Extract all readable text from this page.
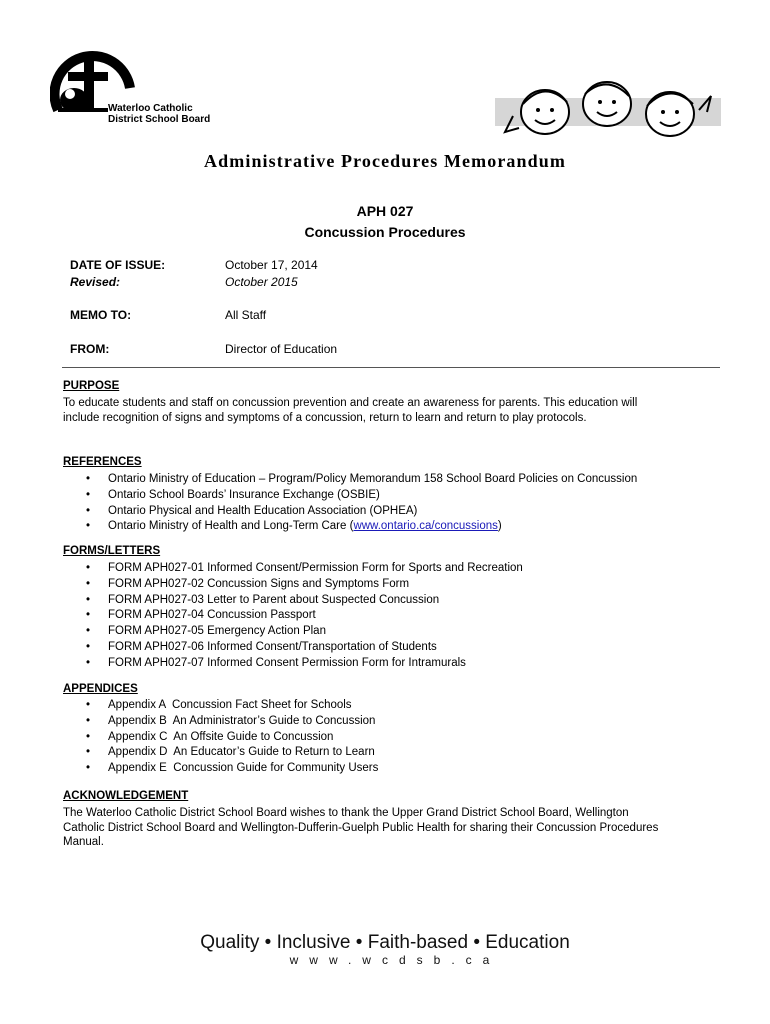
Waterloo Catholic
District School Board
Administrative Procedures Memorandum
APH 027
Concussion Procedures
DATE OF ISSUE:	October 17, 2014
Revised:	October 2015
MEMO TO:	All Staff
FROM:	Director of Education
PURPOSE
To educate students and staff on concussion prevention and create an awareness for parents. This education will
include recognition of signs and symptoms of a concussion, return to learn and return to play protocols.
REFERENCES
• Ontario Ministry of Education – Program/Policy Memorandum 158 School Board Policies on Concussion
• Ontario School Boards’ Insurance Exchange (OSBIE)
• Ontario Physical and Health Education Association (OPHEA)
• Ontario Ministry of Health and Long-Term Care (www.ontario.ca/concussions)
FORMS/LETTERS
• FORM APH027-01 Informed Consent/Permission Form for Sports and Recreation
• FORM APH027-02 Concussion Signs and Symptoms Form
• FORM APH027-03 Letter to Parent about Suspected Concussion
• FORM APH027-04 Concussion Passport
• FORM APH027-05 Emergency Action Plan
• FORM APH027-06 Informed Consent/Transportation of Students
• FORM APH027-07 Informed Consent Permission Form for Intramurals
APPENDICES
• Appendix A  Concussion Fact Sheet for Schools
• Appendix B  An Administrator’s Guide to Concussion
• Appendix C  An Offsite Guide to Concussion
• Appendix D  An Educator’s Guide to Return to Learn
• Appendix E  Concussion Guide for Community Users
ACKNOWLEDGEMENT
The Waterloo Catholic District School Board wishes to thank the Upper Grand District School Board, Wellington
Catholic District School Board and Wellington-Dufferin-Guelph Public Health for sharing their Concussion Procedures
Manual.
Quality • Inclusive • Faith-based • Education
www.wcdsb.ca
